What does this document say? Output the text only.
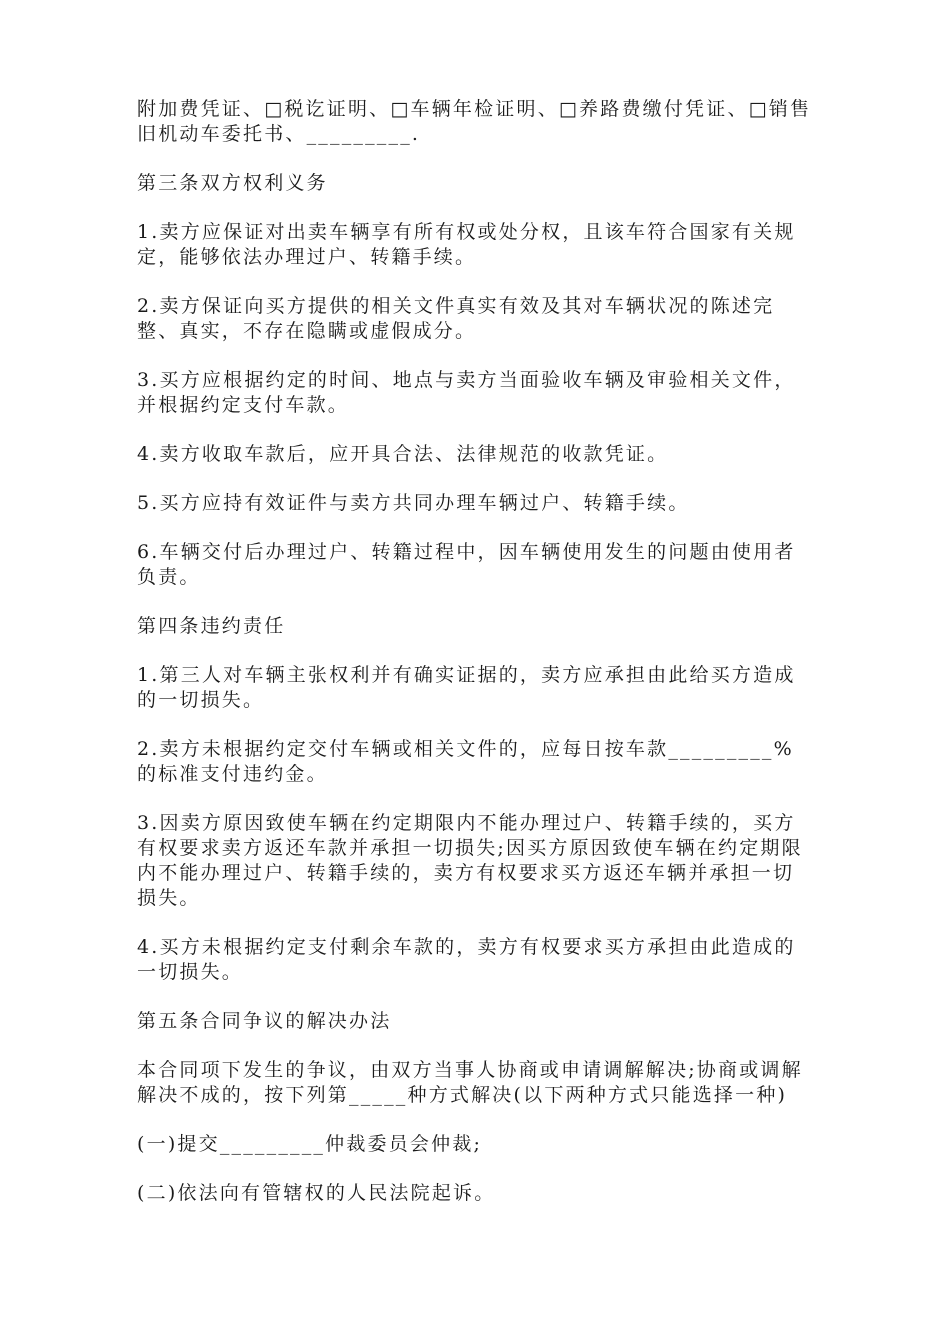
附加费凭证、□税讫证明、□车辆年检证明、□养路费缴付凭证、□销售旧机动车委托书、_________.

第三条双方权利义务

1.卖方应保证对出卖车辆享有所有权或处分权，且该车符合国家有关规定，能够依法办理过户、转籍手续。

2.卖方保证向买方提供的相关文件真实有效及其对车辆状况的陈述完整、真实，不存在隐瞒或虚假成分。

3.买方应根据约定的时间、地点与卖方当面验收车辆及审验相关文件，并根据约定支付车款。

4.卖方收取车款后，应开具合法、法律规范的收款凭证。

5.买方应持有效证件与卖方共同办理车辆过户、转籍手续。

6.车辆交付后办理过户、转籍过程中，因车辆使用发生的问题由使用者负责。

第四条违约责任

1.第三人对车辆主张权利并有确实证据的，卖方应承担由此给买方造成的一切损失。

2.卖方未根据约定交付车辆或相关文件的，应每日按车款_________%的标准支付违约金。

3.因卖方原因致使车辆在约定期限内不能办理过户、转籍手续的，买方有权要求卖方返还车款并承担一切损失;因买方原因致使车辆在约定期限内不能办理过户、转籍手续的，卖方有权要求买方返还车辆并承担一切损失。

4.买方未根据约定支付剩余车款的，卖方有权要求买方承担由此造成的一切损失。

第五条合同争议的解决办法

本合同项下发生的争议，由双方当事人协商或申请调解解决;协商或调解解决不成的，按下列第_____种方式解决(以下两种方式只能选择一种)

(一)提交_________仲裁委员会仲裁;

(二)依法向有管辖权的人民法院起诉。
